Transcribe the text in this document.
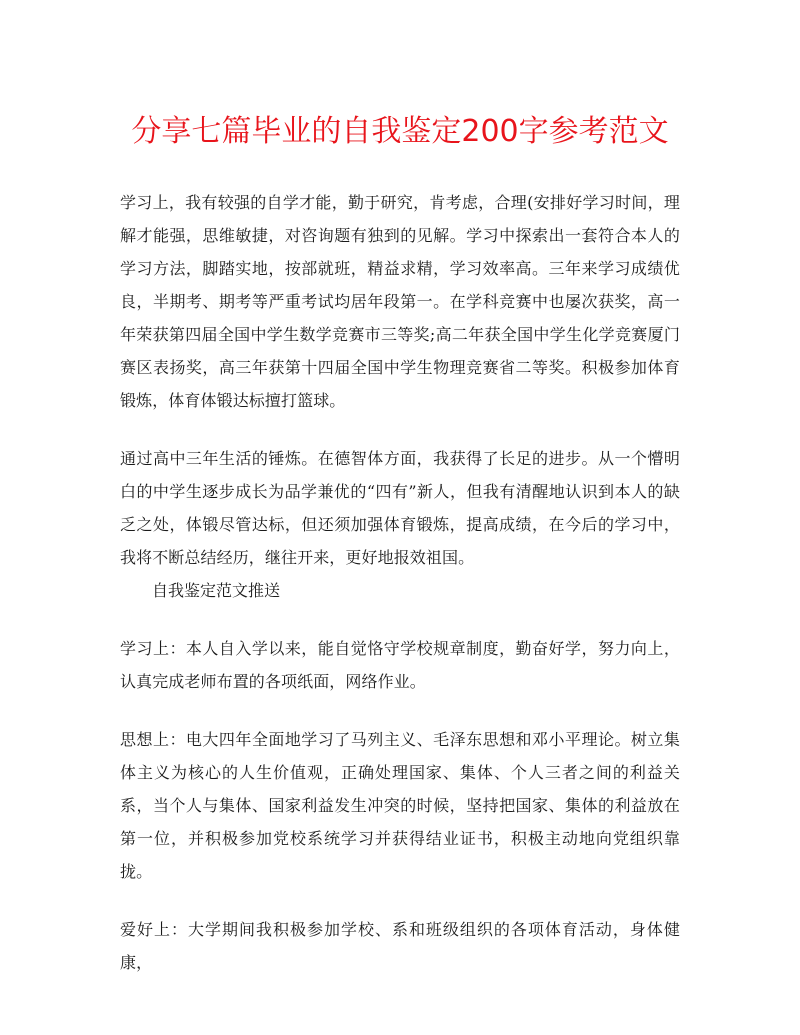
分享七篇毕业的自我鉴定200字参考范文

学习上，我有较强的自学才能，勤于研究，肯考虑，合理(安排好学习时间，理解才能强，思维敏捷，对咨询题有独到的见解。学习中探索出一套符合本人的学习方法，脚踏实地，按部就班，精益求精，学习效率高。三年来学习成绩优良，半期考、期考等严重考试均居年段第一。在学科竞赛中也屡次获奖，高一年荣获第四届全国中学生数学竞赛市三等奖;高二年获全国中学生化学竞赛厦门赛区表扬奖，高三年获第十四届全国中学生物理竞赛省二等奖。积极参加体育锻炼，体育体锻达标擅打篮球。

通过高中三年生活的锤炼。在德智体方面，我获得了长足的进步。从一个懵明白的中学生逐步成长为品学兼优的“四有”新人，但我有清醒地认识到本人的缺乏之处，体锻尽管达标，但还须加强体育锻炼，提高成绩，在今后的学习中，我将不断总结经历，继往开来，更好地报效祖国。

自我鉴定范文推送

学习上：本人自入学以来，能自觉恪守学校规章制度，勤奋好学，努力向上，认真完成老师布置的各项纸面，网络作业。

思想上：电大四年全面地学习了马列主义、毛泽东思想和邓小平理论。树立集体主义为核心的人生价值观，正确处理国家、集体、个人三者之间的利益关系，当个人与集体、国家利益发生冲突的时候，坚持把国家、集体的利益放在第一位，并积极参加党校系统学习并获得结业证书，积极主动地向党组织靠拢。

爱好上：大学期间我积极参加学校、系和班级组织的各项体育活动，身体健康，
